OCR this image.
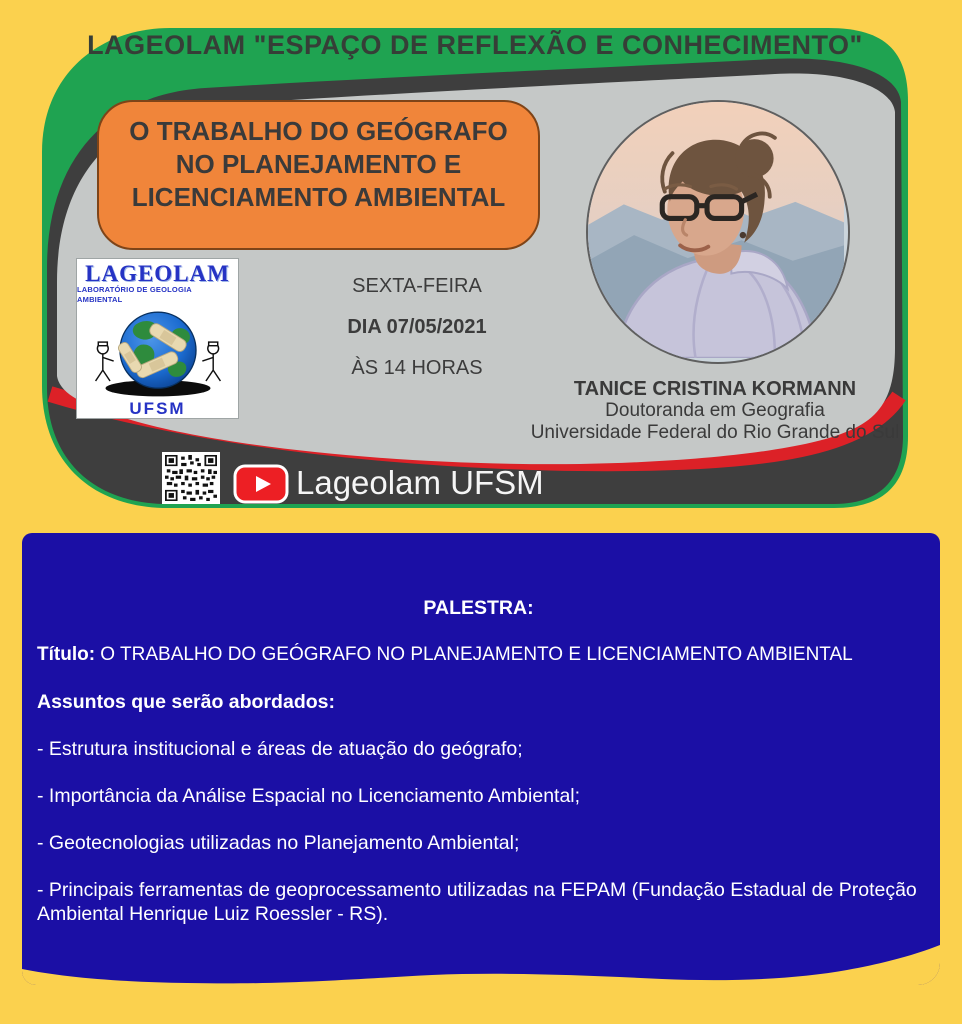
LAGEOLAM "ESPAÇO DE REFLEXÃO E CONHECIMENTO"
O TRABALHO DO GEÓGRAFO
NO PLANEJAMENTO E
LICENCIAMENTO AMBIENTAL
LAGEOLAM
LABORATÓRIO DE GEOLOGIA AMBIENTAL
UFSM
SEXTA-FEIRA
DIA 07/05/2021
ÀS 14 HORAS
TANICE CRISTINA KORMANN
Doutoranda em Geografia
Universidade Federal do Rio Grande do Sul
Lageolam UFSM

PALESTRA:

Título: O TRABALHO DO GEÓGRAFO NO PLANEJAMENTO E LICENCIAMENTO AMBIENTAL

Assuntos que serão abordados:

- Estrutura institucional e áreas de atuação do geógrafo;

- Importância da Análise Espacial no Licenciamento Ambiental;

- Geotecnologias utilizadas no Planejamento Ambiental;

- Principais ferramentas de geoprocessamento utilizadas na FEPAM (Fundação Estadual de Proteção Ambiental Henrique Luiz Roessler - RS).
